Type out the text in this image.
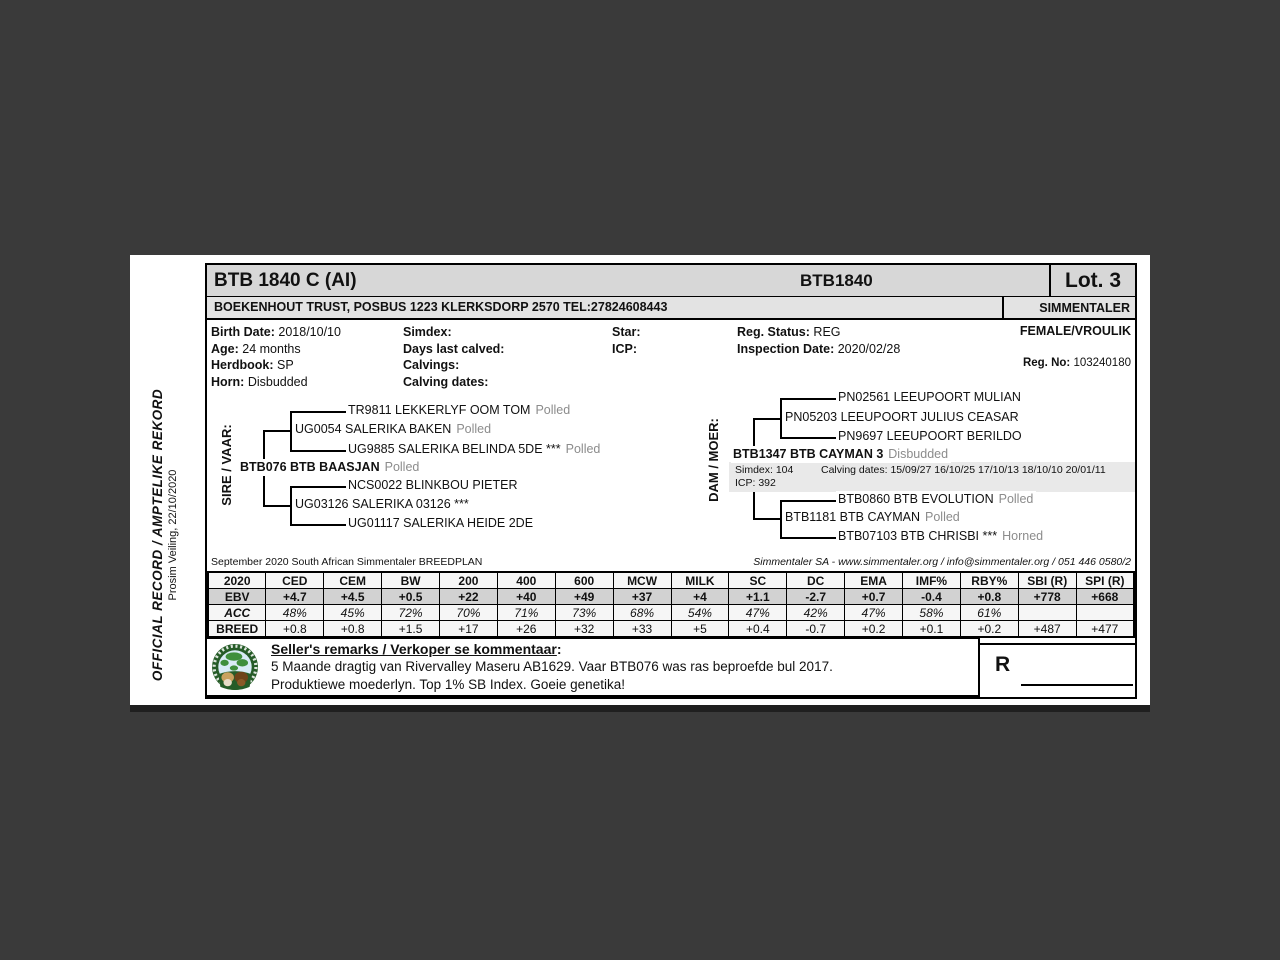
OFFICIAL RECORD / AMPTELIKE REKORD Prosim Veiling, 22/10/2020
BTB 1840 C (AI)	BTB1840	Lot. 3
BOEKENHOUT TRUST, POSBUS 1223 KLERKSDORP 2570 TEL:27824608443	SIMMENTALER
Birth Date: 2018/10/10
Age: 24 months
Herdbook: SP
Horn: Disbudded
Simdex:
Days last calved:
Calvings:
Calving dates:
Star:
ICP:
Reg. Status: REG
Inspection Date: 2020/02/28
FEMALE/VROULIK
Reg. No: 103240180
SIRE / VAAR:
TR9811 LEKKERLYF OOM TOM Polled
UG0054 SALERIKA BAKEN Polled
UG9885 SALERIKA BELINDA 5DE *** Polled
BTB076 BTB BAASJAN Polled
NCS0022 BLINKBOU PIETER
UG03126 SALERIKA 03126 ***
UG01117 SALERIKA HEIDE 2DE
DAM / MOER:
PN02561 LEEUPOORT MULIAN
PN05203 LEEUPOORT JULIUS CEASAR
PN9697 LEEUPOORT BERILDO
BTB1347 BTB CAYMAN 3 Disbudded
Simdex: 104	Calving dates: 15/09/27 16/10/25 17/10/13 18/10/10 20/01/11
ICP: 392
BTB0860 BTB EVOLUTION Polled
BTB1181 BTB CAYMAN Polled
BTB07103 BTB CHRISBI *** Horned
September 2020 South African Simmentaler BREEDPLAN	Simmentaler SA - www.simmentaler.org / info@simmentaler.org / 051 446 0580/2
2020	CED	CEM	BW	200	400	600	MCW	MILK	SC	DC	EMA	IMF%	RBY%	SBI (R)	SPI (R)
EBV	+4.7	+4.5	+0.5	+22	+40	+49	+37	+4	+1.1	-2.7	+0.7	-0.4	+0.8	+778	+668
ACC	48%	45%	72%	70%	71%	73%	68%	54%	47%	42%	47%	58%	61%		
BREED	+0.8	+0.8	+1.5	+17	+26	+32	+33	+5	+0.4	-0.7	+0.2	+0.1	+0.2	+487	+477
Seller's remarks / Verkoper se kommentaar:
5 Maande dragtig van Rivervalley Maseru AB1629. Vaar BTB076 was ras beproefde bul 2017.
Produktiewe moederlyn. Top 1% SB Index. Goeie genetika!
R
